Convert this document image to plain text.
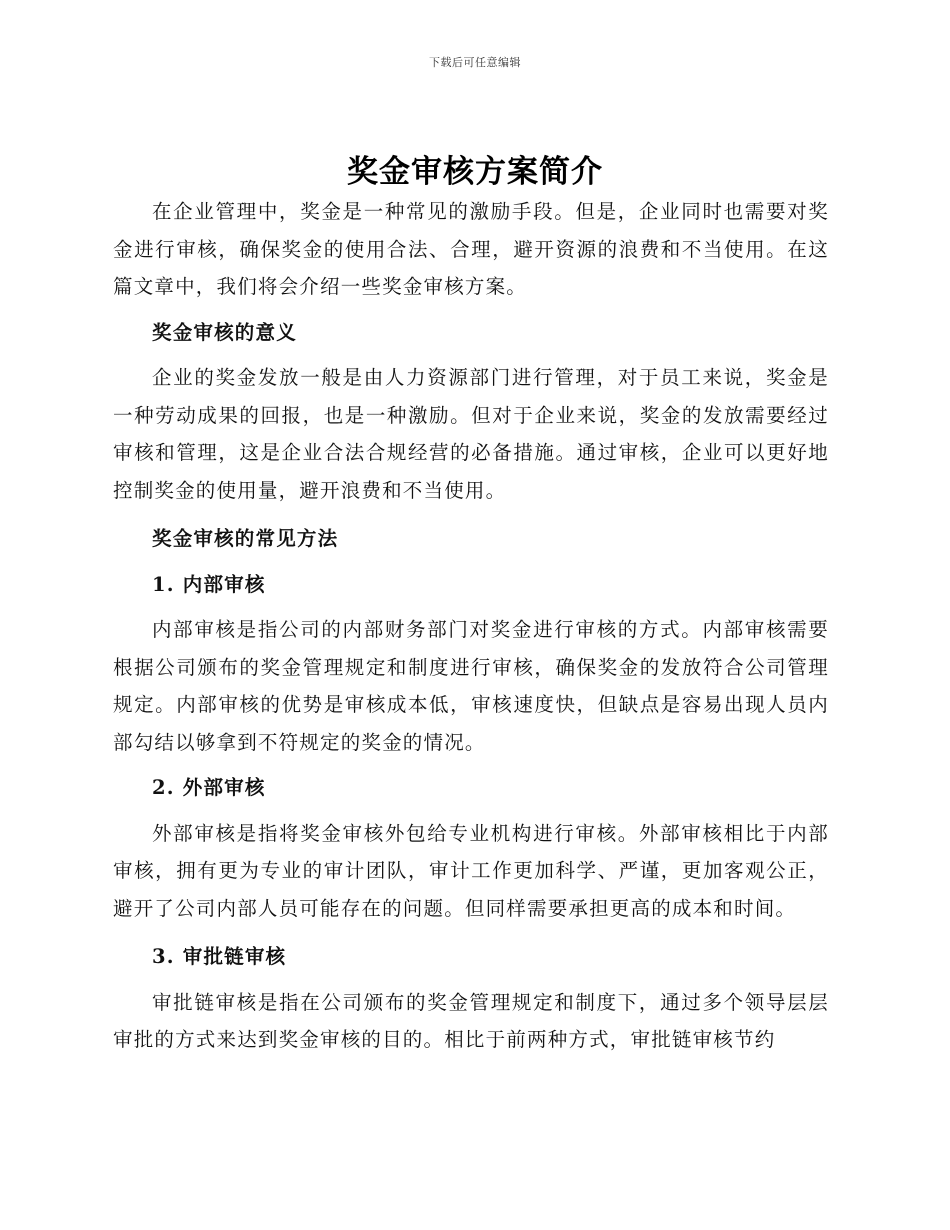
下载后可任意编辑
奖金审核方案简介

在企业管理中，奖金是一种常见的激励手段。但是，企业同时也需要对奖金进行审核，确保奖金的使用合法、合理，避开资源的浪费和不当使用。在这篇文章中，我们将会介绍一些奖金审核方案。

奖金审核的意义

企业的奖金发放一般是由人力资源部门进行管理，对于员工来说，奖金是一种劳动成果的回报，也是一种激励。但对于企业来说，奖金的发放需要经过审核和管理，这是企业合法合规经营的必备措施。通过审核，企业可以更好地控制奖金的使用量，避开浪费和不当使用。

奖金审核的常见方法

1. 内部审核

内部审核是指公司的内部财务部门对奖金进行审核的方式。内部审核需要根据公司颁布的奖金管理规定和制度进行审核，确保奖金的发放符合公司管理规定。内部审核的优势是审核成本低，审核速度快，但缺点是容易出现人员内部勾结以够拿到不符规定的奖金的情况。

2. 外部审核

外部审核是指将奖金审核外包给专业机构进行审核。外部审核相比于内部审核，拥有更为专业的审计团队，审计工作更加科学、严谨，更加客观公正，避开了公司内部人员可能存在的问题。但同样需要承担更高的成本和时间。

3. 审批链审核

审批链审核是指在公司颁布的奖金管理规定和制度下，通过多个领导层层审批的方式来达到奖金审核的目的。相比于前两种方式，审批链审核节约
